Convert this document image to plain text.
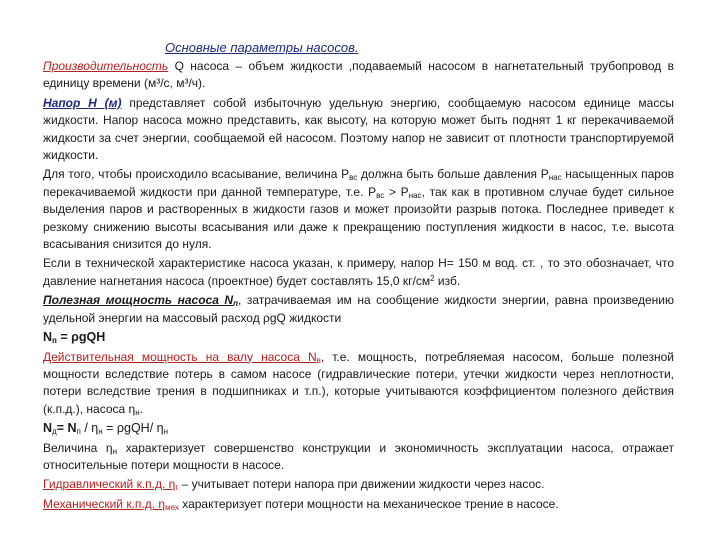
Основные параметры насосов.

Производительность Q насоса – объем жидкости ,подаваемый насосом в нагнетательный трубопровод в единицу времени (м³/с, м³/ч).

Напор Н (м) представляет собой избыточную удельную энергию, сообщаемую насосом единице массы жидкости. Напор насоса можно представить, как высоту, на которую может быть поднят 1 кг перекачиваемой жидкости за счет энергии, сообщаемой ей насосом. Поэтому напор не зависит от плотности транспортируемой жидкости.

Для того, чтобы происходило всасывание, величина $Р_{вс}$ должна быть больше давления $Р_{нас}$ насыщенных паров перекачиваемой жидкости при данной температуре, т.е. $Р_{вс} > Р_{нас}$, так как в противном случае будет сильное выделения паров и растворенных в жидкости газов и может произойти разрыв потока. Последнее приведет к резкому снижению высоты всасывания или даже к прекращению поступления жидкости в насос, т.е. высота всасывания снизится до нуля.

Если в технической характеристике насоса указан, к примеру, напор Н= 150 м вод. ст. , то это обозначает, что давление нагнетания насоса (проектное) будет составлять 15,0 $кг/см^2$ изб.

Полезная мощность насоса $N_п$, затрачиваемая им на сообщение жидкости энергии, равна произведению удельной энергии на массовый расход ρgQ жидкости

$N_п = \rho gQH$

Действительная мощность на валу насоса $N_в$, т.е. мощность, потребляемая насосом, больше полезной мощности вследствие потерь в самом насосе (гидравлические потери, утечки жидкости через неплотности, потери вследствие трения в подшипниках и т.п.), которые учитываются коэффициентом полезного действия (к.п.д.), насоса $\eta_н$.

$N_д= N_п / \eta_н = \rho gQH/$ $\eta_н$

Величина $\eta_н$ характеризует совершенство конструкции и экономичность эксплуатации насоса, отражает относительные потери мощности в насосе.

Гидравлический к.п.д. $\eta_г$ – учитывает потери напора при движении жидкости через насос.

Механический к.п.д. $\eta_{мех}$ характеризует потери мощности на механическое трение в насосе.
